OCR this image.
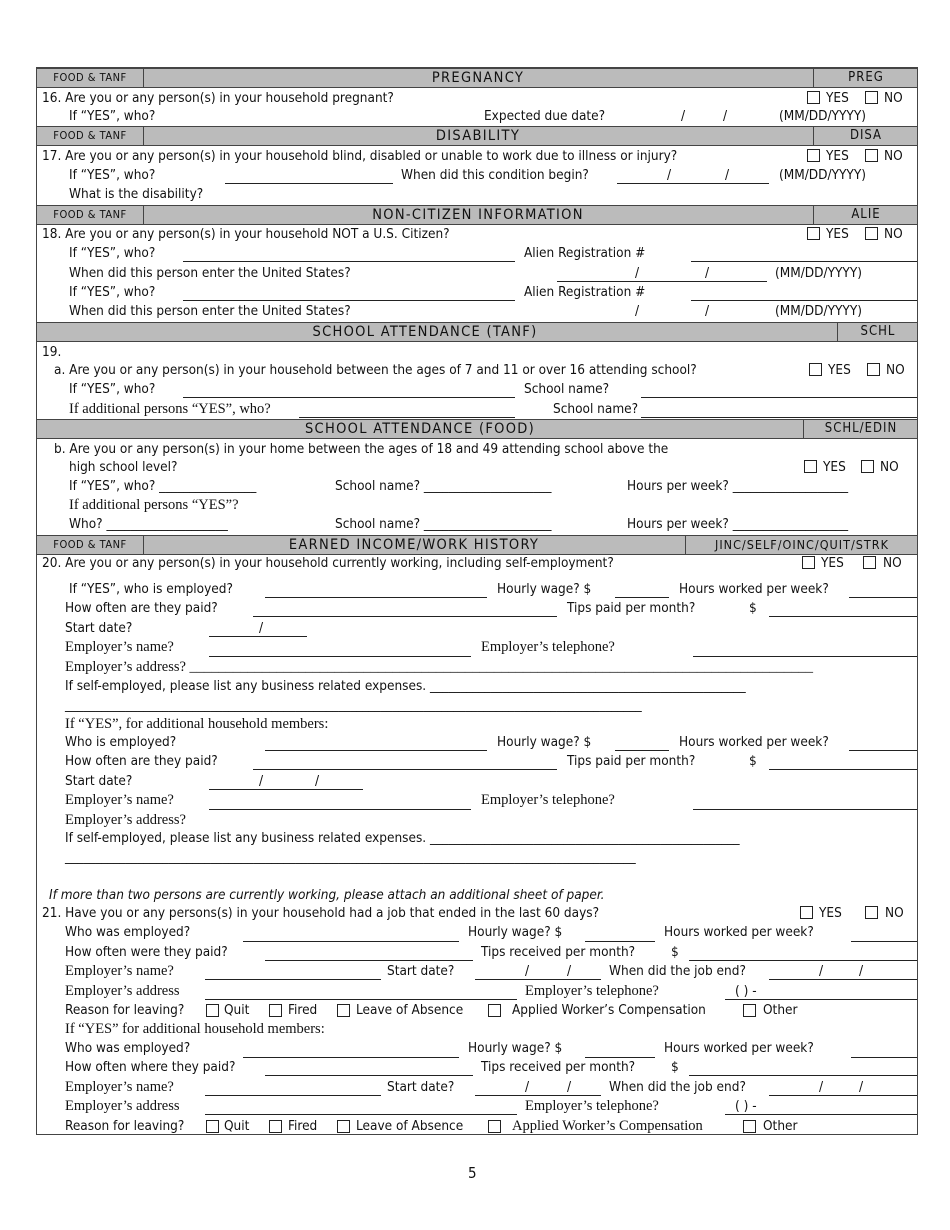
FOOD & TANF	PREGNANCY	PREG
16. Are you or any person(s) in your household pregnant?	YES	NO
If “YES”, who?	Expected due date?	/	/	(MM/DD/YYYY)
FOOD & TANF	DISABILITY	DISA
17. Are you or any person(s) in your household blind, disabled or unable to work due to illness or injury?	YES	NO
If “YES”, who?	When did this condition begin?	/	/	(MM/DD/YYYY)
What is the disability?
FOOD & TANF	NON-CITIZEN INFORMATION	ALIE
18. Are you or any person(s) in your household NOT a U.S. Citizen?	YES	NO
If “YES”, who?	Alien Registration #
When did this person enter the United States?	/	/	(MM/DD/YYYY)
If “YES”, who?	Alien Registration #
When did this person enter the United States?	/	/	(MM/DD/YYYY)
SCHOOL ATTENDANCE (TANF)	SCHL
19.
a. Are you or any person(s) in your household between the ages of 7 and 11 or over 16 attending school?	YES	NO
If “YES”, who?	School name?
If additional persons “YES”, who?	School name?
SCHOOL ATTENDANCE (FOOD)	SCHL/EDIN
b. Are you or any person(s) in your home between the ages of 18 and 49 attending school above the
high school level?	YES	NO
If “YES”, who? ________________	School name? _____________________	Hours per week? ___________________
If additional persons “YES”?
Who? ____________________	School name? _____________________	Hours per week? ___________________
FOOD & TANF	EARNED INCOME/WORK HISTORY	JINC/SELF/OINC/QUIT/STRK
20. Are you or any person(s) in your household currently working, including self-employment?	YES	NO
If “YES”, who is employed?	Hourly wage? $	Hours worked per week?
How often are they paid?	Tips paid per month?	$
Start date?	/
Employer’s name?	Employer’s telephone?
Employer’s address? ______________________________________________________________________________________
If self-employed, please list any business related expenses. ____________________________________________________
_______________________________________________________________________________________________
If “YES”, for additional household members:
Who is employed?	Hourly wage? $	Hours worked per week?
How often are they paid?	Tips paid per month?	$
Start date?	/	/
Employer’s name?	Employer’s telephone?
Employer’s address?
If self-employed, please list any business related expenses. ___________________________________________________
______________________________________________________________________________________________
If more than two persons are currently working, please attach an additional sheet of paper.
21. Have you or any persons(s) in your household had a job that ended in the last 60 days?	YES	NO
Who was employed?	Hourly wage? $	Hours worked per week?
How often were they paid?	Tips received per month?	$
Employer’s name?	Start date?	/	/	When did the job end?	/	/
Employer’s address	Employer’s telephone?	( ) -
Reason for leaving?	Quit	Fired	Leave of Absence	Applied Worker’s Compensation	Other
If “YES” for additional household members:
Who was employed?	Hourly wage? $	Hours worked per week?
How often where they paid?	Tips received per month?	$
Employer’s name?	Start date?	/	/	When did the job end?	/	/
Employer’s address	Employer’s telephone?	( ) -
Reason for leaving?	Quit	Fired	Leave of Absence	Applied Worker’s Compensation	Other
5
